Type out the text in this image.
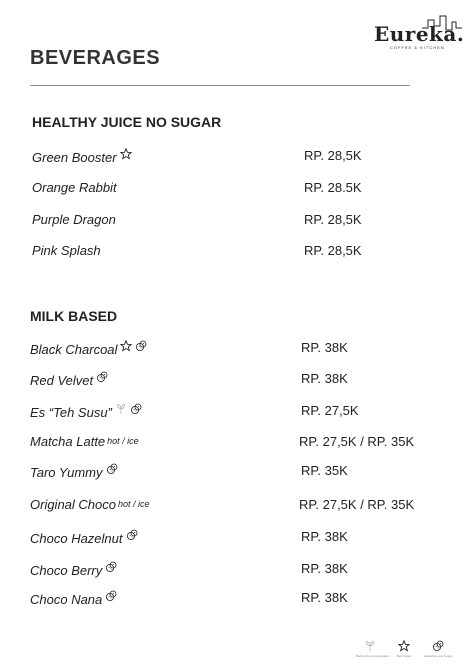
Eureka.
COFFEE & KITCHEN
BEVERAGES
HEALTHY JUICE NO SUGAR
Green Booster	RP. 28,5K
Orange Rabbit	RP. 28.5K
Purple Dragon	RP. 28,5K
Pink Splash	RP. 28,5K
MILK BASED
Black Charcoal	RP. 38K
Red Velvet	RP. 38K
Es “Teh Susu”	RP. 27,5K
Matcha Latte hot / ice	RP. 27,5K / RP. 35K
Taro Yummy	RP. 35K
Original Choco hot / ice	RP. 27,5K / RP. 35K
Choco Hazelnut	RP. 38K
Choco Berry	RP. 38K
Choco Nana	RP. 38K
Barista Recommendation	Best Seller	Available Less Sugar
